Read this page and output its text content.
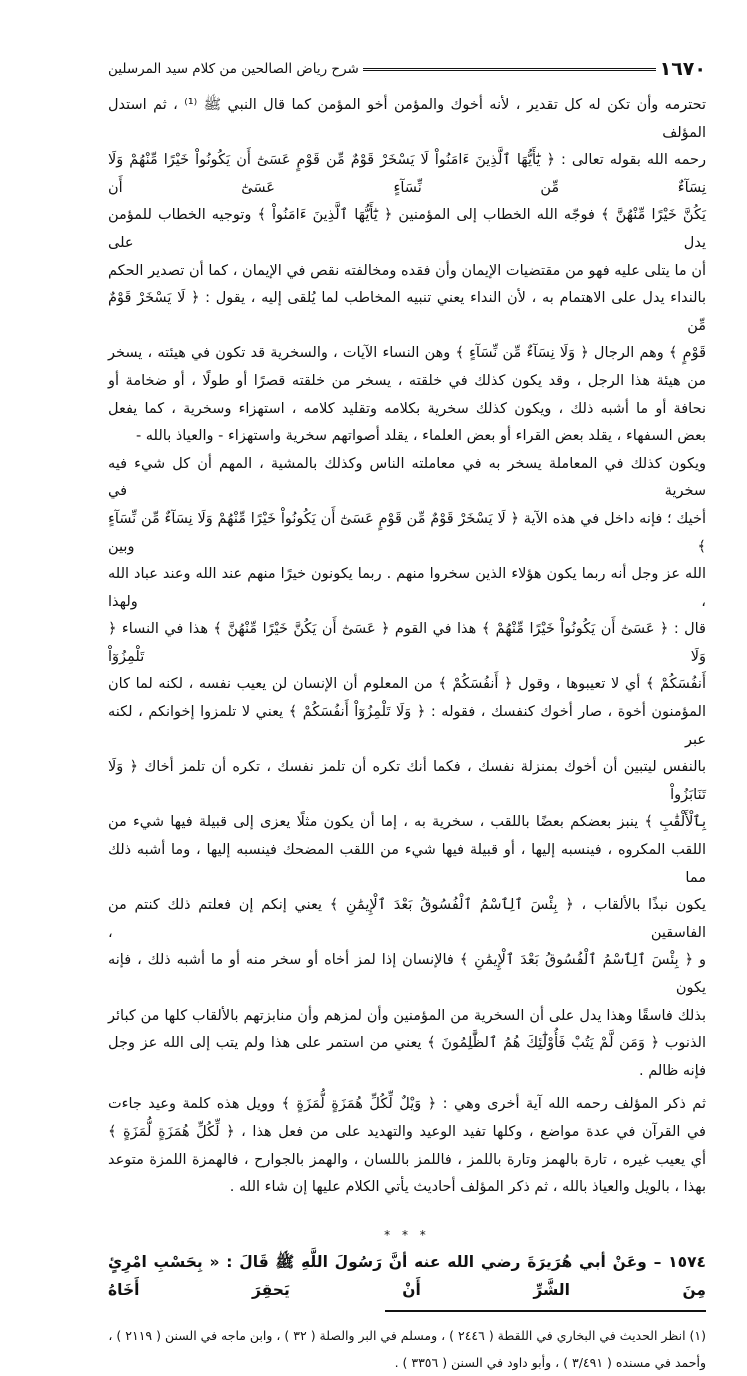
١٦٧٠
شرح رياض الصالحين من كلام سيد المرسلين
تحترمه وأن تكن له كل تقدير ، لأنه أخوك والمؤمن أخو المؤمن كما قال النبي ﷺ ⁽¹⁾ ، ثم استدل المؤلف
رحمه الله بقوله تعالى : ﴿ يَٰٓأَيُّهَا ٱلَّذِينَ ءَامَنُواْ لَا يَسْخَرْ قَوْمٌ مِّن قَوْمٍ عَسَىٰٓ أَن يَكُونُواْ خَيْرًا مِّنْهُمْ وَلَا نِسَآءٌ مِّن نِّسَآءٍ عَسَىٰٓ أَن
يَكُنَّ خَيْرًا مِّنْهُنَّ ﴾ فوجّه الله الخطاب إلى المؤمنين ﴿ يَٰٓأَيُّهَا ٱلَّذِينَ ءَامَنُواْ ﴾ وتوجيه الخطاب للمؤمن يدل على
أن ما يتلى عليه فهو من مقتضيات الإيمان وأن فقده ومخالفته نقص في الإيمان ، كما أن تصدير الحكم
بالنداء يدل على الاهتمام به ، لأن النداء يعني تنبيه المخاطب لما يُلقى إليه ، يقول : ﴿ لَا يَسْخَرْ قَوْمٌ مِّن
قَوْمٍ ﴾ وهم الرجال ﴿ وَلَا نِسَآءٌ مِّن نِّسَآءٍ ﴾ وهن النساء الآيات ، والسخرية قد تكون في هيئته ، يسخر
من هيئة هذا الرجل ، وقد يكون كذلك في خلقته ، يسخر من خلقته قصرًا أو طولًا ، أو ضخامة أو
نحافة أو ما أشبه ذلك ، ويكون كذلك سخرية بكلامه وتقليد كلامه ، استهزاء وسخرية ، كما يفعل
بعض السفهاء ، يقلد بعض القراء أو بعض العلماء ، يقلد أصواتهم سخرية واستهزاء - والعياذ بالله -
ويكون كذلك في المعاملة يسخر به في معاملته الناس وكذلك بالمشية ، المهم أن كل شيء فيه سخرية في
أخيك ؛ فإنه داخل في هذه الآية ﴿ لَا يَسْخَرْ قَوْمٌ مِّن قَوْمٍ عَسَىٰٓ أَن يَكُونُواْ خَيْرًا مِّنْهُمْ وَلَا نِسَآءٌ مِّن نِّسَآءٍ ﴾ وبين
الله عز وجل أنه ربما يكون هؤلاء الذين سخروا منهم . ربما يكونون خيرًا منهم عند الله وعند عباد الله ، ولهذا
قال : ﴿ عَسَىٰٓ أَن يَكُونُواْ خَيْرًا مِّنْهُمْ ﴾ هذا في القوم ﴿ عَسَىٰٓ أَن يَكُنَّ خَيْرًا مِّنْهُنَّ ﴾ هذا في النساء ﴿ وَلَا تَلْمِزُوٓاْ
أَنفُسَكُمْ ﴾ أي لا تعيبوها ، وقول ﴿ أَنفُسَكُمْ ﴾ من المعلوم أن الإنسان لن يعيب نفسه ، لكنه لما كان
المؤمنون أخوة ، صار أخوك كنفسك ، فقوله : ﴿ وَلَا تَلْمِزُوٓاْ أَنفُسَكُمْ ﴾ يعني لا تلمزوا إخوانكم ، لكنه عبر
بالنفس ليتبين أن أخوك بمنزلة نفسك ، فكما أنك تكره أن تلمز نفسك ، تكره أن تلمز أخاك ﴿ وَلَا تَنَابَزُواْ
بِٱلْأَلْقَٰبِ ﴾ ينبز بعضكم بعضًا باللقب ، سخرية به ، إما أن يكون مثلًا يعزى إلى قبيلة فيها شيء من
اللقب المكروه ، فينسبه إليها ، أو قبيلة فيها شيء من اللقب المضحك فينسبه إليها ، وما أشبه ذلك مما
يكون نبذًا بالألقاب ، ﴿ بِئْسَ ٱلِٱسْمُ ٱلْفُسُوقُ بَعْدَ ٱلْإِيمَٰنِ ﴾ يعني إنكم إن فعلتم ذلك كنتم من الفاسقين ،
و ﴿ بِئْسَ ٱلِٱسْمُ ٱلْفُسُوقُ بَعْدَ ٱلْإِيمَٰنِ ﴾ فالإنسان إذا لمز أخاه أو سخر منه أو ما أشبه ذلك ، فإنه يكون
بذلك فاسقًا وهذا يدل على أن السخرية من المؤمنين وأن لمزهم وأن منابزتهم بالألقاب كلها من كبائر
الذنوب ﴿ وَمَن لَّمْ يَتُبْ فَأُوْلَٰٓئِكَ هُمُ ٱلظَّٰلِمُونَ ﴾ يعني من استمر على هذا ولم يتب إلى الله عز وجل فإنه ظالم .
ثم ذكر المؤلف رحمه الله آية أخرى وهي : ﴿ وَيْلٌ لِّكُلِّ هُمَزَةٍ لُّمَزَةٍ ﴾ وويل هذه كلمة وعيد جاءت
في القرآن في عدة مواضع ، وكلها تفيد الوعيد والتهديد على من فعل هذا ، ﴿ لِّكُلِّ هُمَزَةٍ لُّمَزَةٍ ﴾
أي يعيب غيره ، تارة بالهمز وتارة باللمز ، فاللمز باللسان ، والهمز بالجوارح ، فالهمزة اللمزة متوعد
بهذا ، بالويل والعياذ بالله ، ثم ذكر المؤلف أحاديث يأتي الكلام عليها إن شاء الله .
* * *
١٥٧٤ – وعَنْ أبي هُرَيرَةَ رضي الله عنه أنَّ رَسُولَ اللَّهِ ﷺ قَالَ : « بِحَسْبِ امْرِئٍ مِنَ الشَّرِّ أَنْ يَحقِرَ أَخَاهُ
(١) انظر الحديث في البخاري في اللقطة ( ٢٤٤٦ ) ، ومسلم في البر والصلة ( ٣٢ ) ، وابن ماجه في السنن ( ٢١١٩ ) ،
وأحمد في مسنده ( ٣/٤٩١ ) ، وأبو داود في السنن ( ٣٣٥٦ ) .
